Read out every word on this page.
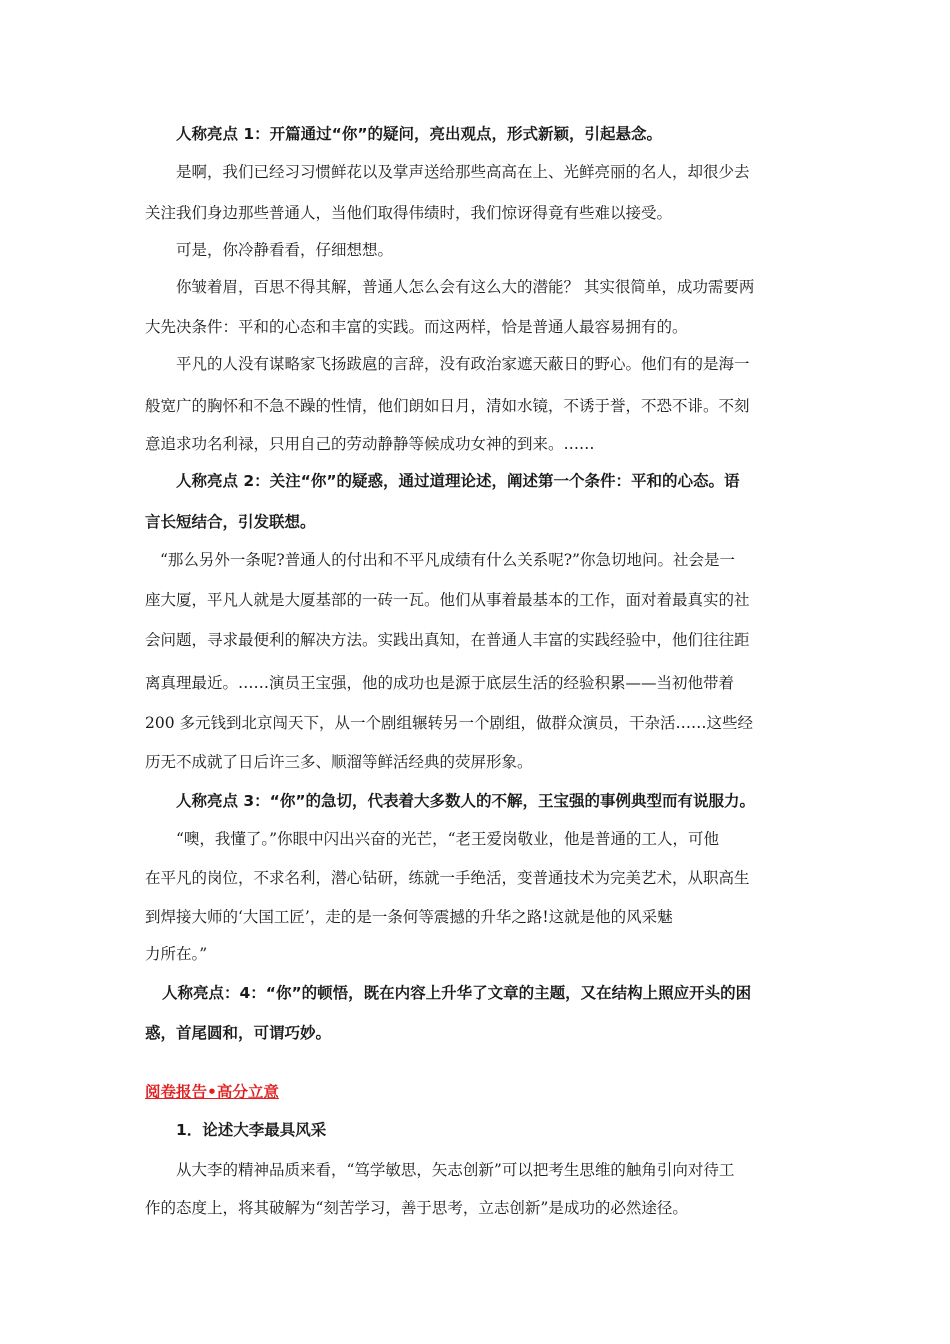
人称亮点 1：开篇通过“你”的疑问，亮出观点，形式新颖，引起悬念。
是啊，我们已经习习惯鲜花以及掌声送给那些高高在上、光鲜亮丽的名人，却很少去
关注我们身边那些普通人，当他们取得伟绩时，我们惊讶得竟有些难以接受。
可是，你冷静看看，仔细想想。
你皱着眉，百思不得其解，普通人怎么会有这么大的潜能？ 其实很简单，成功需要两
大先决条件：平和的心态和丰富的实践。而这两样，恰是普通人最容易拥有的。
平凡的人没有谋略家飞扬跋扈的言辞，没有政治家遮天蔽日的野心。他们有的是海一
般宽广的胸怀和不急不躁的性情，他们朗如日月，清如水镜，不诱于誉，不恐不诽。不刻
意追求功名利禄，只用自己的劳动静静等候成功女神的到来。……
人称亮点 2：关注“你”的疑惑，通过道理论述，阐述第一个条件：平和的心态。语
言长短结合，引发联想。
“那么另外一条呢?普通人的付出和不平凡成绩有什么关系呢?”你急切地问。社会是一
座大厦，平凡人就是大厦基部的一砖一瓦。他们从事着最基本的工作，面对着最真实的社
会问题，寻求最便利的解决方法。实践出真知，在普通人丰富的实践经验中，他们往往距
离真理最近。……演员王宝强，他的成功也是源于底层生活的经验积累——当初他带着
200 多元钱到北京闯天下，从一个剧组辗转另一个剧组，做群众演员，干杂活……这些经
历无不成就了日后许三多、顺溜等鲜活经典的荧屏形象。
人称亮点 3：“你”的急切，代表着大多数人的不解，王宝强的事例典型而有说服力。
“噢，我懂了。”你眼中闪出兴奋的光芒，“老王爱岗敬业，他是普通的工人，可他
在平凡的岗位，不求名利，潜心钻研，练就一手绝活，变普通技术为完美艺术，从职高生
到焊接大师的‘大国工匠’，走的是一条何等震撼的升华之路!这就是他的风采魅
力所在。”
人称亮点：4：“你”的顿悟，既在内容上升华了文章的主题，又在结构上照应开头的困
惑，首尾圆和，可谓巧妙。
阅卷报告•高分立意
1．论述大李最具风采
从大李的精神品质来看，“笃学敏思，矢志创新”可以把考生思维的触角引向对待工
作的态度上，将其破解为“刻苦学习，善于思考，立志创新”是成功的必然途径。
